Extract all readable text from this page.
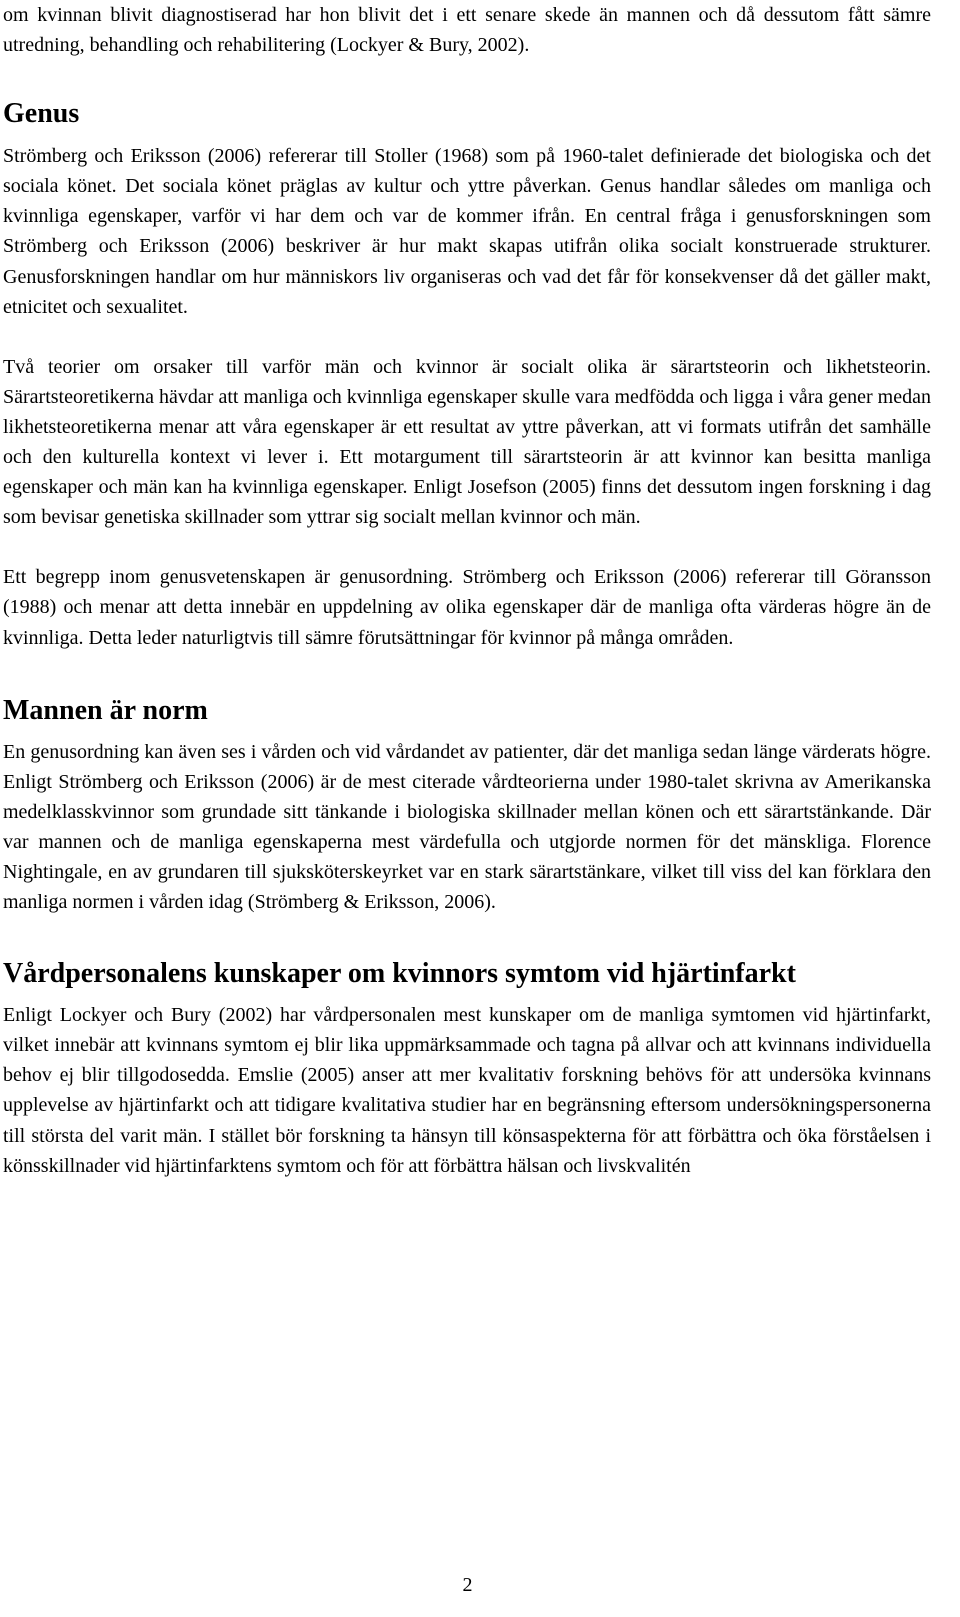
om kvinnan blivit diagnostiserad har hon blivit det i ett senare skede än mannen och då dessutom fått sämre utredning, behandling och rehabilitering (Lockyer & Bury, 2002).

Genus

Strömberg och Eriksson (2006) refererar till Stoller (1968) som på 1960-talet definierade det biologiska och det sociala könet. Det sociala könet präglas av kultur och yttre påverkan. Genus handlar således om manliga och kvinnliga egenskaper, varför vi har dem och var de kommer ifrån. En central fråga i genusforskningen som Strömberg och Eriksson (2006) beskriver är hur makt skapas utifrån olika socialt konstruerade strukturer. Genusforskningen handlar om hur människors liv organiseras och vad det får för konsekvenser då det gäller makt, etnicitet och sexualitet.

Två teorier om orsaker till varför män och kvinnor är socialt olika är särartsteorin och likhetsteorin. Särartsteoretikerna hävdar att manliga och kvinnliga egenskaper skulle vara medfödda och ligga i våra gener medan likhetsteoretikerna menar att våra egenskaper är ett resultat av yttre påverkan, att vi formats utifrån det samhälle och den kulturella kontext vi lever i. Ett motargument till särartsteorin är att kvinnor kan besitta manliga egenskaper och män kan ha kvinnliga egenskaper. Enligt Josefson (2005) finns det dessutom ingen forskning i dag som bevisar genetiska skillnader som yttrar sig socialt mellan kvinnor och män.

Ett begrepp inom genusvetenskapen är genusordning. Strömberg och Eriksson (2006) refererar till Göransson (1988) och menar att detta innebär en uppdelning av olika egenskaper där de manliga ofta värderas högre än de kvinnliga. Detta leder naturligtvis till sämre förutsättningar för kvinnor på många områden.

Mannen är norm

En genusordning kan även ses i vården och vid vårdandet av patienter, där det manliga sedan länge värderats högre. Enligt Strömberg och Eriksson (2006) är de mest citerade vårdteorierna under 1980-talet skrivna av Amerikanska medelklasskvinnor som grundade sitt tänkande i biologiska skillnader mellan könen och ett särartstänkande. Där var mannen och de manliga egenskaperna mest värdefulla och utgjorde normen för det mänskliga. Florence Nightingale, en av grundaren till sjuksköterskeyrket var en stark särartstänkare, vilket till viss del kan förklara den manliga normen i vården idag (Strömberg & Eriksson, 2006).

Vårdpersonalens kunskaper om kvinnors symtom vid hjärtinfarkt

Enligt Lockyer och Bury (2002) har vårdpersonalen mest kunskaper om de manliga symtomen vid hjärtinfarkt, vilket innebär att kvinnans symtom ej blir lika uppmärksammade och tagna på allvar och att kvinnans individuella behov ej blir tillgodosedda. Emslie (2005) anser att mer kvalitativ forskning behövs för att undersöka kvinnans upplevelse av hjärtinfarkt och att tidigare kvalitativa studier har en begränsning eftersom undersökningspersonerna till största del varit män. I stället bör forskning ta hänsyn till könsaspekterna för att förbättra och öka förståelsen i könsskillnader vid hjärtinfarktens symtom och för att förbättra hälsan och livskvalitén

2
